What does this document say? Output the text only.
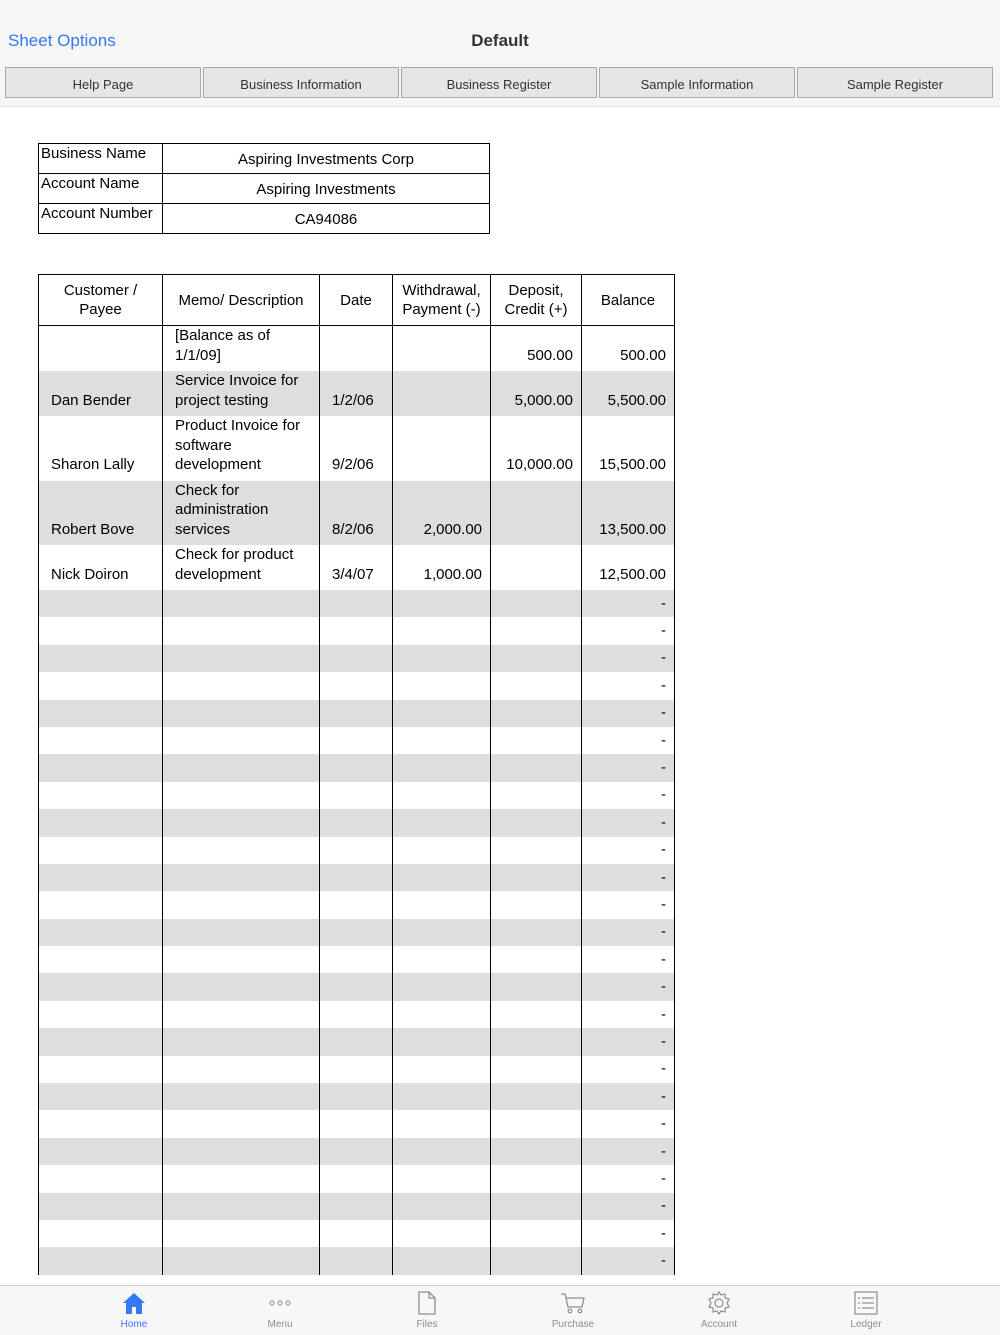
Sheet Options	Default
Help Page	Business Information	Business Register	Sample Information	Sample Register
Business Name	Aspiring Investments Corp
Account Name	Aspiring Investments
Account Number	CA94086
Customer / Payee	Memo/ Description	Date	Withdrawal, Payment (-)	Deposit, Credit (+)	Balance
	[Balance as of 1/1/09]			500.00	500.00
Dan Bender	Service Invoice for project testing	1/2/06		5,000.00	5,500.00
Sharon Lally	Product Invoice for software development	9/2/06		10,000.00	15,500.00
Robert Bove	Check for administration services	8/2/06	2,000.00		13,500.00
Nick Doiron	Check for product development	3/4/07	1,000.00		12,500.00
					-
					-
					-
					-
					-
					-
					-
					-
					-
					-
					-
					-
					-
					-
					-
					-
					-
					-
					-
					-
					-
					-
					-
					-
					-
Home	Menu	Files	Purchase	Account	Ledger
